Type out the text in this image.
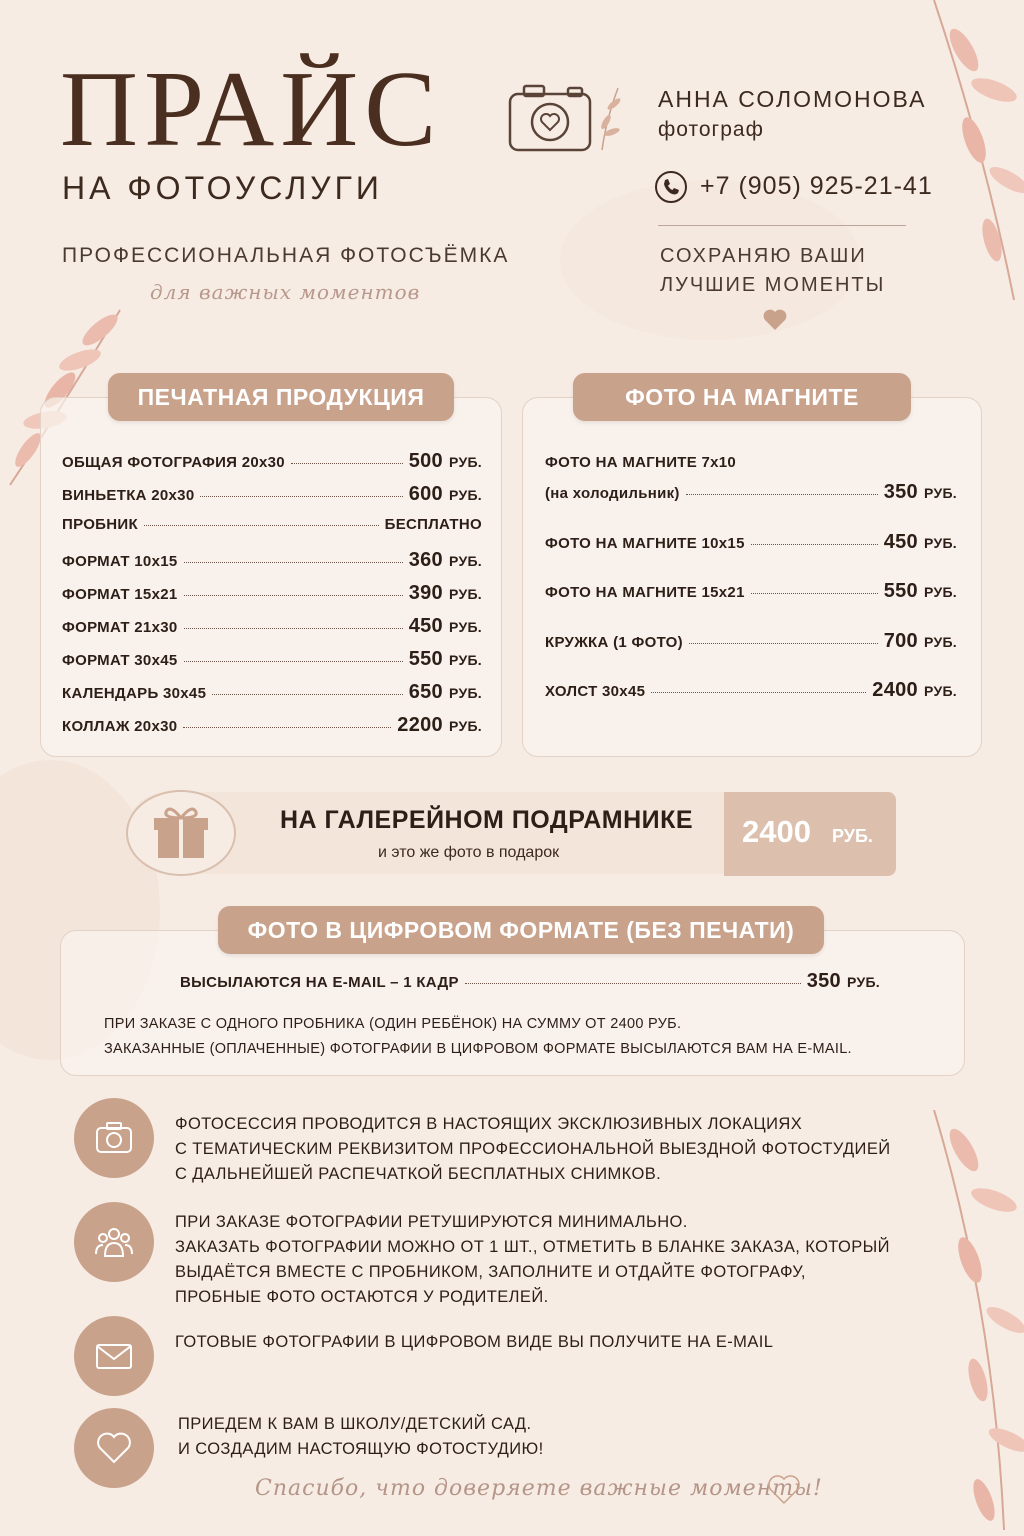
ПРАЙС
НА ФОТОУСЛУГИ
ПРОФЕССИОНАЛЬНАЯ ФОТОСЪЁМКА
для важных моментов
АННА СОЛОМОНОВА
фотограф
+7 (905) 925-21-41
СОХРАНЯЮ ВАШИ
ЛУЧШИЕ МОМЕНТЫ
ПЕЧАТНАЯ ПРОДУКЦИЯ
ОБЩАЯ ФОТОГРАФИЯ 20х30	500 РУБ.
ВИНЬЕТКА 20х30	600 РУБ.
ПРОБНИК	БЕСПЛАТНО
ФОРМАТ 10х15	360 РУБ.
ФОРМАТ 15х21	390 РУБ.
ФОРМАТ 21х30	450 РУБ.
ФОРМАТ 30х45	550 РУБ.
КАЛЕНДАРЬ 30х45	650 РУБ.
КОЛЛАЖ 20х30	2200 РУБ.
ФОТО НА МАГНИТЕ
ФОТО НА МАГНИТЕ 7х10
(на холодильник)	350 РУБ.
ФОТО НА МАГНИТЕ 10х15	450 РУБ.
ФОТО НА МАГНИТЕ 15х21	550 РУБ.
КРУЖКА (1 ФОТО)	700 РУБ.
ХОЛСТ 30х45	2400 РУБ.
НА ГАЛЕРЕЙНОМ ПОДРАМНИКЕ
и это же фото в подарок
2400 РУБ.
ФОТО В ЦИФРОВОМ ФОРМАТЕ (БЕЗ ПЕЧАТИ)
ВЫСЫЛАЮТСЯ НА E-MAIL – 1 КАДР	350 РУБ.
ПРИ ЗАКАЗЕ С ОДНОГО ПРОБНИКА (ОДИН РЕБЁНОК) НА СУММУ ОТ 2400 РУБ.
ЗАКАЗАННЫЕ (ОПЛАЧЕННЫЕ) ФОТОГРАФИИ В ЦИФРОВОМ ФОРМАТЕ ВЫСЫЛАЮТСЯ ВАМ НА E-MAIL.
ФОТОСЕССИЯ ПРОВОДИТСЯ В НАСТОЯЩИХ ЭКСКЛЮЗИВНЫХ ЛОКАЦИЯХ
С ТЕМАТИЧЕСКИМ РЕКВИЗИТОМ ПРОФЕССИОНАЛЬНОЙ ВЫЕЗДНОЙ ФОТОСТУДИЕЙ
С ДАЛЬНЕЙШЕЙ РАСПЕЧАТКОЙ БЕСПЛАТНЫХ СНИМКОВ.
ПРИ ЗАКАЗЕ ФОТОГРАФИИ РЕТУШИРУЮТСЯ МИНИМАЛЬНО.
ЗАКАЗАТЬ ФОТОГРАФИИ МОЖНО ОТ 1 ШТ., ОТМЕТИТЬ В БЛАНКЕ ЗАКАЗА, КОТОРЫЙ
ВЫДАЁТСЯ ВМЕСТЕ С ПРОБНИКОМ, ЗАПОЛНИТЕ И ОТДАЙТЕ ФОТОГРАФУ,
ПРОБНЫЕ ФОТО ОСТАЮТСЯ У РОДИТЕЛЕЙ.
ГОТОВЫЕ ФОТОГРАФИИ В ЦИФРОВОМ ВИДЕ ВЫ ПОЛУЧИТЕ НА E-MAIL
ПРИЕДЕМ К ВАМ В ШКОЛУ/ДЕТСКИЙ САД.
И СОЗДАДИМ НАСТОЯЩУЮ ФОТОСТУДИЮ!
Спасибо, что доверяете важные моменты!
